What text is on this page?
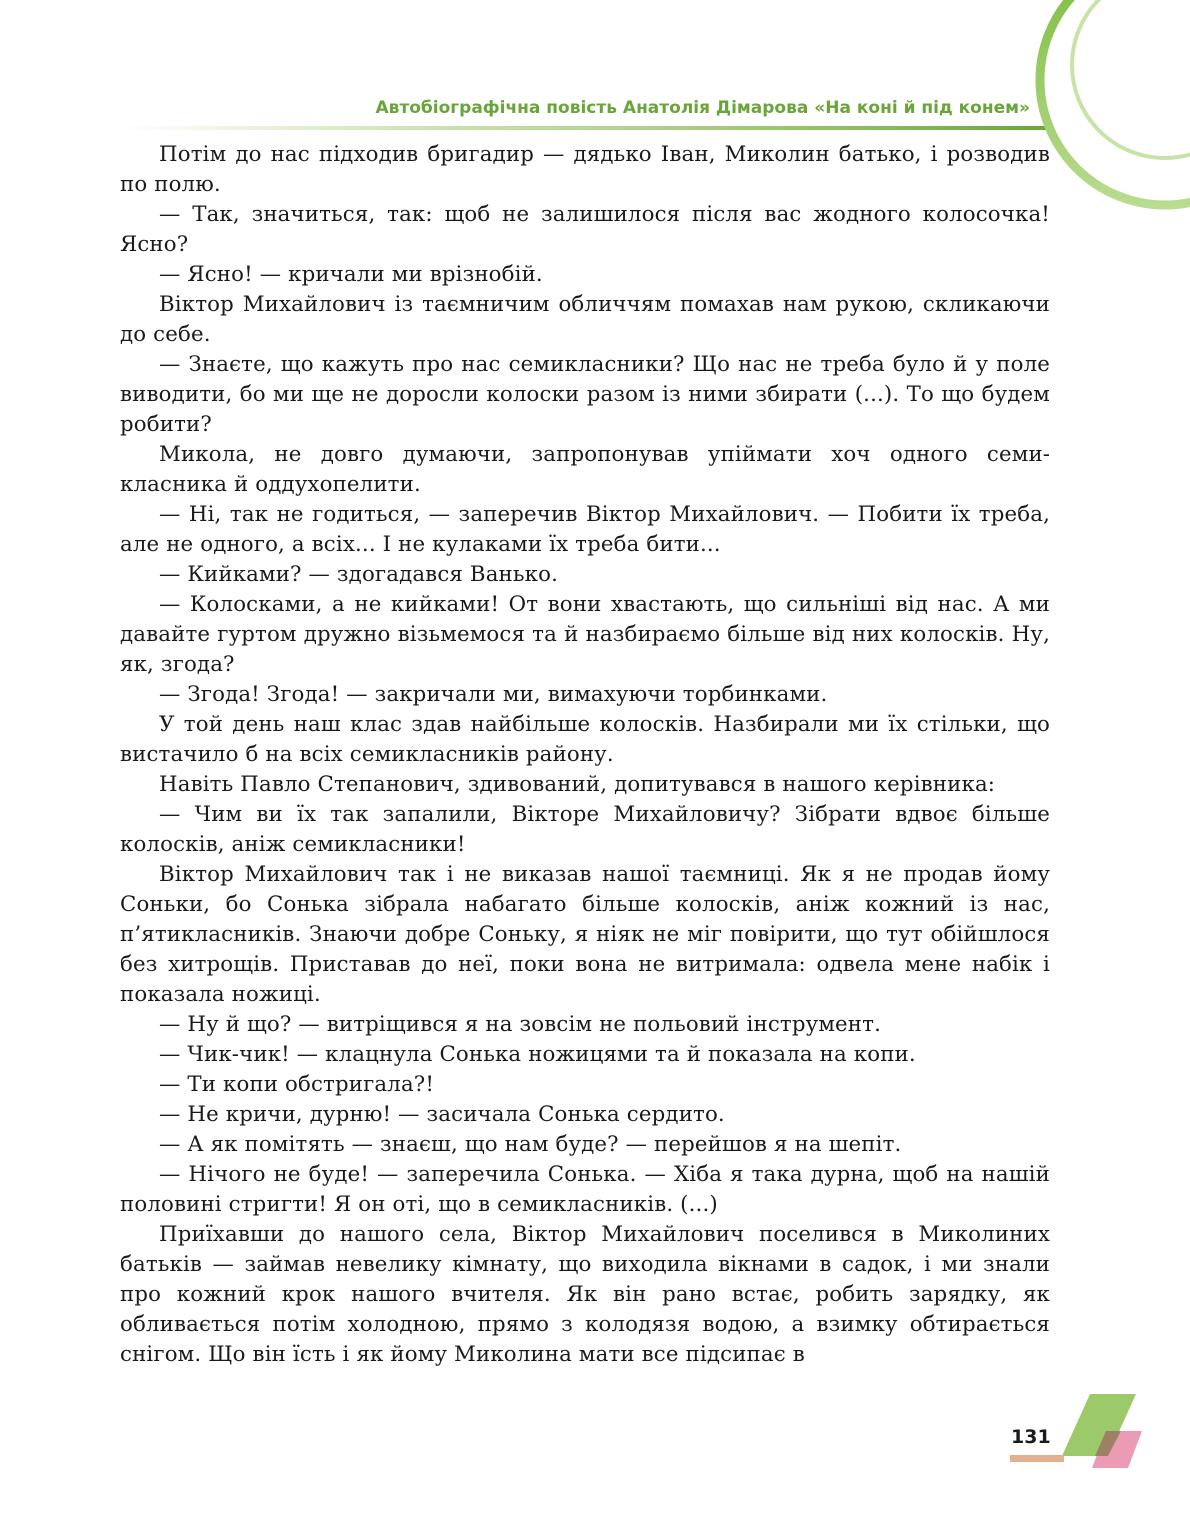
Автобіографічна повість Анатолія Дімарова «На коні й під конем»

Потім до нас підходив бригадир — дядько Іван, Миколин батько, і розводив по полю.

— Так, значиться, так: щоб не залишилося після вас жодного колосочка! Ясно?

— Ясно! — кричали ми врізнобій.

Віктор Михайлович із таємничим обличчям помахав нам рукою, скликаючи до себе.

— Знаєте, що кажуть про нас семикласники? Що нас не треба було й у поле виводити, бо ми ще не доросли колоски разом із ними збирати (...). То що будем робити?

Микола, не довго думаючи, запропонував упіймати хоч одного семикласника й оддухопелити.

— Ні, так не годиться, — заперечив Віктор Михайлович. — Побити їх треба, але не одного, а всіх... І не кулаками їх треба бити...

— Кийками? — здогадався Ванько.

— Колосками, а не кийками! От вони хвастають, що сильніші від нас. А ми давайте гуртом дружно візьмемося та й назбираємо більше від них колосків. Ну, як, згода?

— Згода! Згода! — закричали ми, вимахуючи торбинками.

У той день наш клас здав найбільше колосків. Назбирали ми їх стільки, що вистачило б на всіх семикласників району.

Навіть Павло Степанович, здивований, допитувався в нашого керівника:

— Чим ви їх так запалили, Вікторе Михайловичу? Зібрати вдвоє більше колосків, аніж семикласники!

Віктор Михайлович так і не виказав нашої таємниці. Як я не продав йому Соньки, бо Сонька зібрала набагато більше колосків, аніж кожний із нас, п’ятикласників. Знаючи добре Соньку, я ніяк не міг повірити, що тут обійшлося без хитрощів. Приставав до неї, поки вона не витримала: одвела мене набік і показала ножиці.

— Ну й що? — витріщився я на зовсім не польовий інструмент.

— Чик-чик! — клацнула Сонька ножицями та й показала на копи.

— Ти копи обстригала?!

— Не кричи, дурню! — засичала Сонька сердито.

— А як помітять — знаєш, що нам буде? — перейшов я на шепіт.

— Нічого не буде! — заперечила Сонька. — Хіба я така дурна, щоб на нашій половині стригти! Я он оті, що в семикласників. (...)

Приїхавши до нашого села, Віктор Михайлович поселився в Миколиних батьків — займав невелику кімнату, що виходила вікнами в садок, і ми знали про кожний крок нашого вчителя. Як він рано встає, робить зарядку, як обливається потім холодною, прямо з колодязя водою, а взимку обтирається снігом. Що він їсть і як йому Миколина мати все підсипає в

131
